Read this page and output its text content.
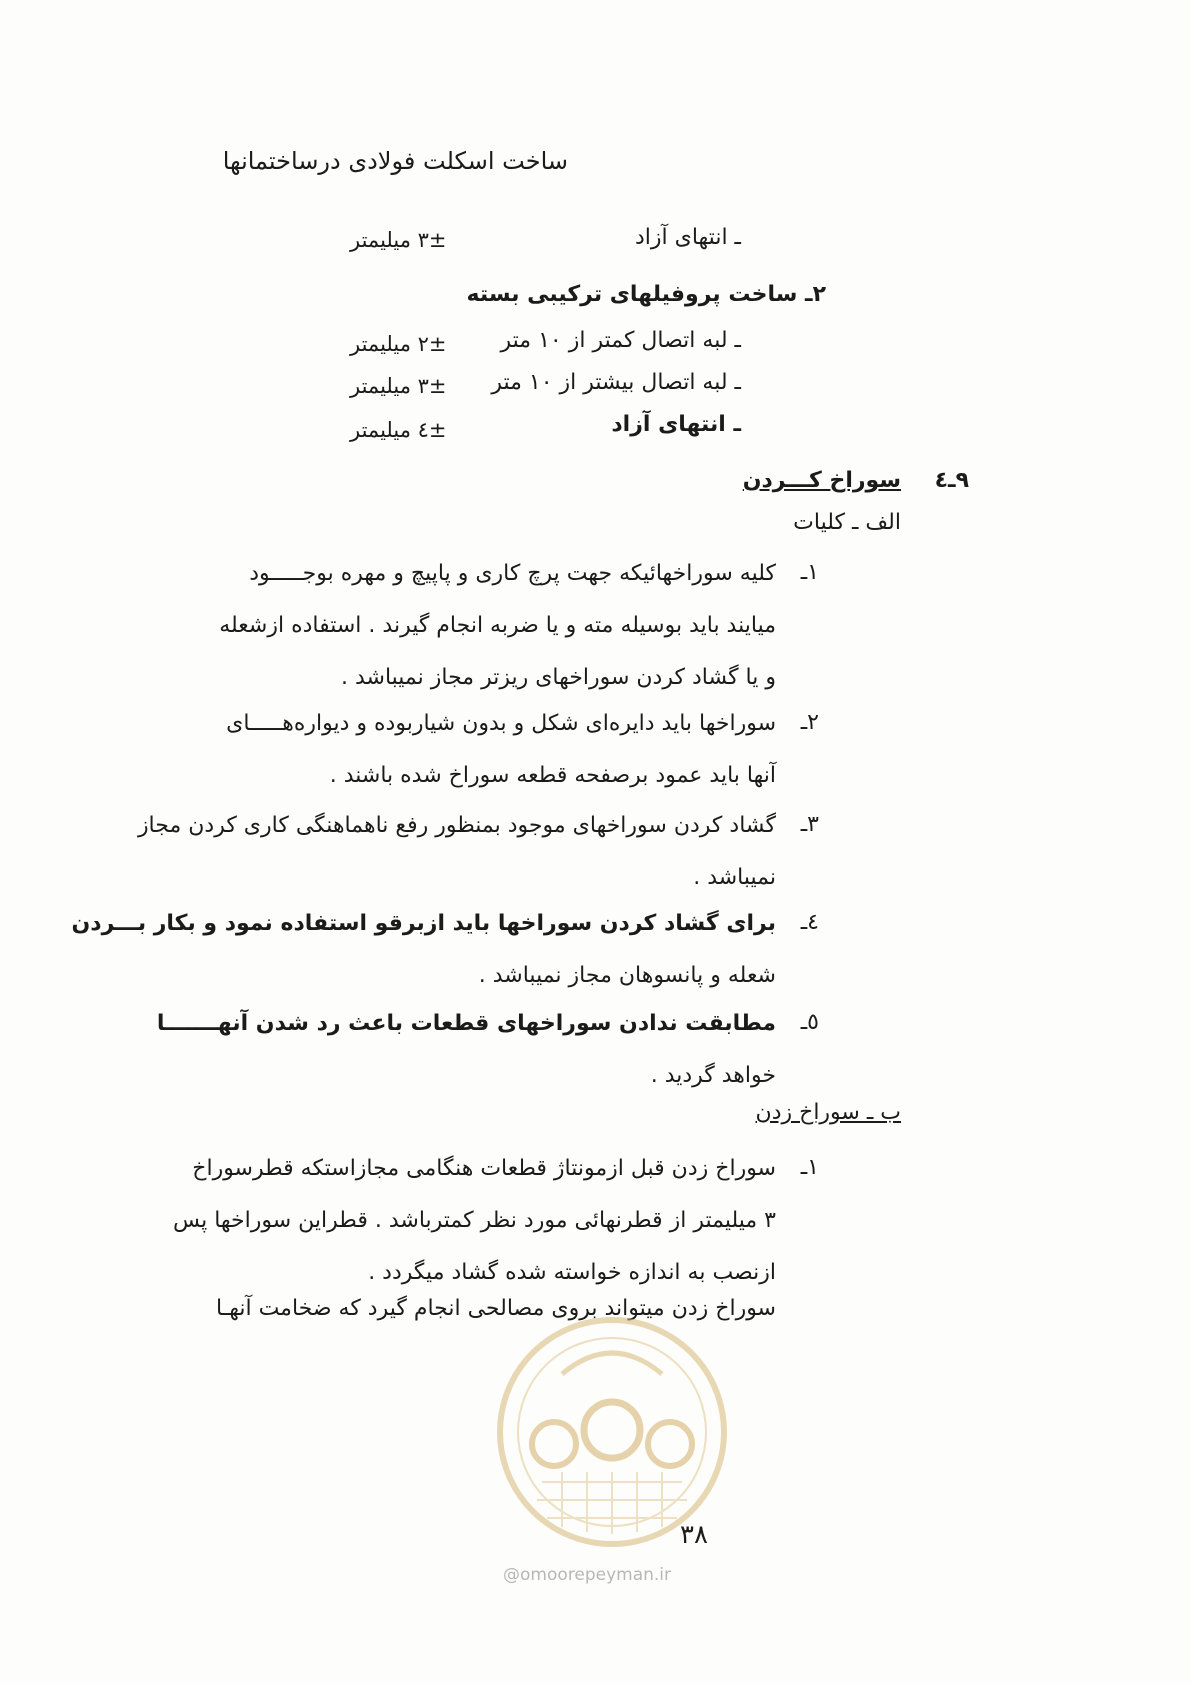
ساخت اسکلت فولادی درساختمانها
ـ انتهای آزاد
±٣ میلیمتر
٢ـ ساخت پروفیلهای ترکیبی بسته
ـ لبه اتصال کمتر از ١٠ متر
±٢ میلیمتر
ـ لبه اتصال بیشتر از ١٠ متر
±٣ میلیمتر
ـ انتهای آزاد
±٤ میلیمتر
٩ـ٤
سوراخ کـــردن
الف ـ کلیات
١ـ
کلیه سوراخهائیکه جهت پرچ کاری و پاپیچ و مهره بوجـــــود
میایند باید بوسیله مته و یا ضربه انجام گیرند . استفاده ازشعله
و یا گشاد کردن سوراخهای ریزتر مجاز نمیباشد .
٢ـ
سوراخها باید دایره‌ای شکل و بدون شیاربوده و دیواره‌هـــــای
آنها باید عمود برصفحه قطعه سوراخ شده باشند .
٣ـ
گشاد کردن سوراخهای موجود بمنظور رفع ناهماهنگی کاری کردن مجاز
نمیباشد .
٤ـ
برای گشاد کردن سوراخها باید ازبرقو استفاده نمود و بکار بـــردن
شعله و پانسوهان مجاز نمیباشد .
٥ـ
مطابقت ندادن سوراخهای قطعات باعث رد شدن آنهـــــــا
خواهد گردید .
ب ـ سوراخ زدن
١ـ
سوراخ زدن قبل ازمونتاژ قطعات هنگامی مجازاستکه قطرسوراخ
٣ میلیمتر از قطرنهائی مورد نظر کمترباشد . قطراین سوراخها پس
ازنصب به اندازه خواسته شده گشاد میگردد .
سوراخ زدن میتواند بروی مصالحی انجام گیرد که ضخامت آنهـا
٣٨
@omoorepeyman.ir
